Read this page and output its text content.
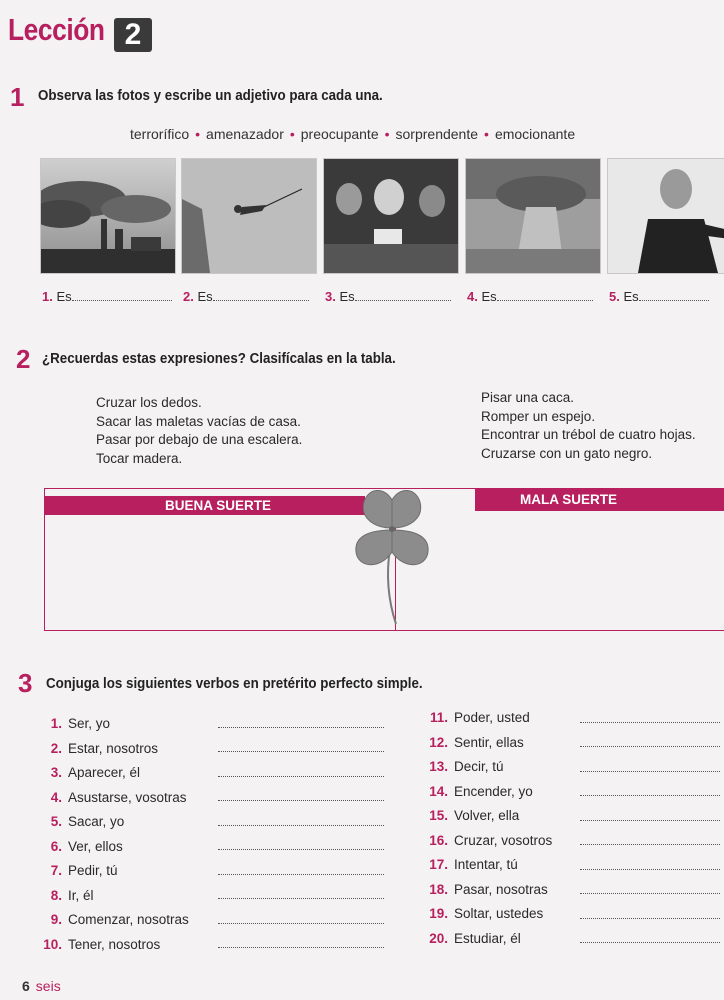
Lección 2
1 Observa las fotos y escribe un adjetivo para cada una.
terrorífico • amenazador • preocupante • sorprendente • emocionante
1. Es	2. Es	3. Es	4. Es	5. Es
2 ¿Recuerdas estas expresiones? Clasifícalas en la tabla.
Cruzar los dedos.
Sacar las maletas vacías de casa.
Pasar por debajo de una escalera.
Tocar madera.
Pisar una caca.
Romper un espejo.
Encontrar un trébol de cuatro hojas.
Cruzarse con un gato negro.
BUENA SUERTE	MALA SUERTE
3 Conjuga los siguientes verbos en pretérito perfecto simple.
1. Ser, yo
2. Estar, nosotros
3. Aparecer, él
4. Asustarse, vosotras
5. Sacar, yo
6. Ver, ellos
7. Pedir, tú
8. Ir, él
9. Comenzar, nosotras
10. Tener, nosotros
11. Poder, usted
12. Sentir, ellas
13. Decir, tú
14. Encender, yo
15. Volver, ella
16. Cruzar, vosotros
17. Intentar, tú
18. Pasar, nosotras
19. Soltar, ustedes
20. Estudiar, él
6 seis
